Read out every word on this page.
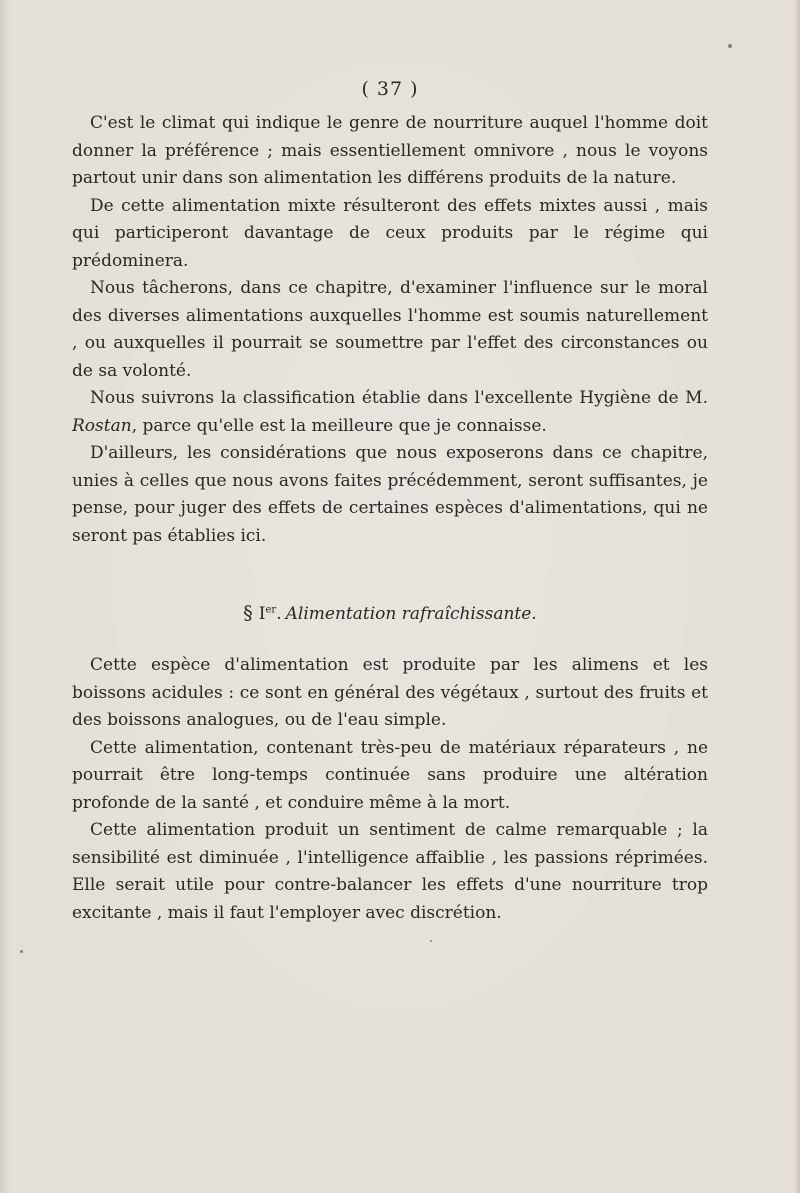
( 37 )

C'est le climat qui indique le genre de nourriture auquel l'homme doit donner la préférence ; mais essentiellement omnivore , nous le voyons partout unir dans son alimentation les différens produits de la nature.

De cette alimentation mixte résulteront des effets mixtes aussi , mais qui participeront davantage de ceux produits par le régime qui prédominera.

Nous tâcherons, dans ce chapitre, d'examiner l'influence sur le moral des diverses alimentations auxquelles l'homme est soumis naturellement , ou auxquelles il pourrait se soumettre par l'effet des circonstances ou de sa volonté.

Nous suivrons la classification établie dans l'excellente Hygiène de M. Rostan, parce qu'elle est la meilleure que je connaisse.

D'ailleurs, les considérations que nous exposerons dans ce chapitre, unies à celles que nous avons faites précédemment, seront suffisantes, je pense, pour juger des effets de certaines espèces d'alimentations, qui ne seront pas établies ici.

§ Ier. Alimentation rafraîchissante.

Cette espèce d'alimentation est produite par les alimens et les boissons acidules : ce sont en général des végétaux , surtout des fruits et des boissons analogues, ou de l'eau simple.

Cette alimentation, contenant très-peu de matériaux réparateurs , ne pourrait être long-temps continuée sans produire une altération profonde de la santé , et conduire même à la mort.

Cette alimentation produit un sentiment de calme remarquable ; la sensibilité est diminuée , l'intelligence affaiblie , les passions réprimées. Elle serait utile pour contre-balancer les effets d'une nourriture trop excitante , mais il faut l'employer avec discrétion.
